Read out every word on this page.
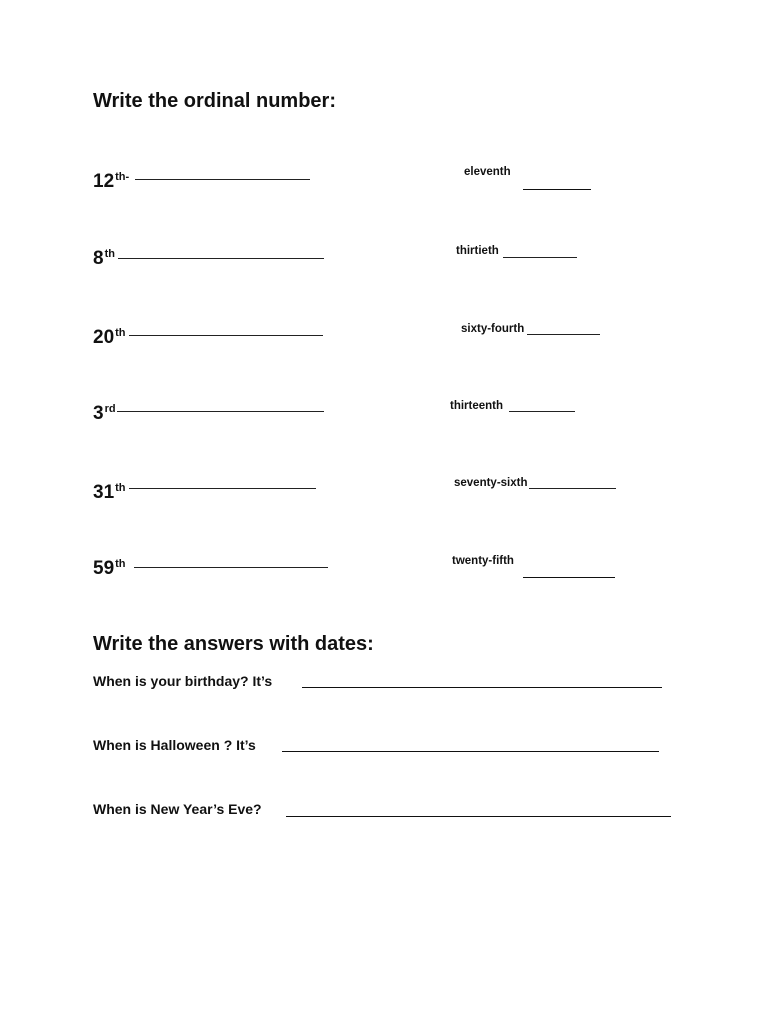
Write the ordinal number:
$12^{th-}$
8th
20th
3rd
31th
59th
eleventh
thirtieth
sixty-fourth
thirteenth
seventy-sixth
twenty-fifth
Write the answers with dates:
When is your birthday? It’s
When is Halloween ? It’s
When is New Year’s Eve?
